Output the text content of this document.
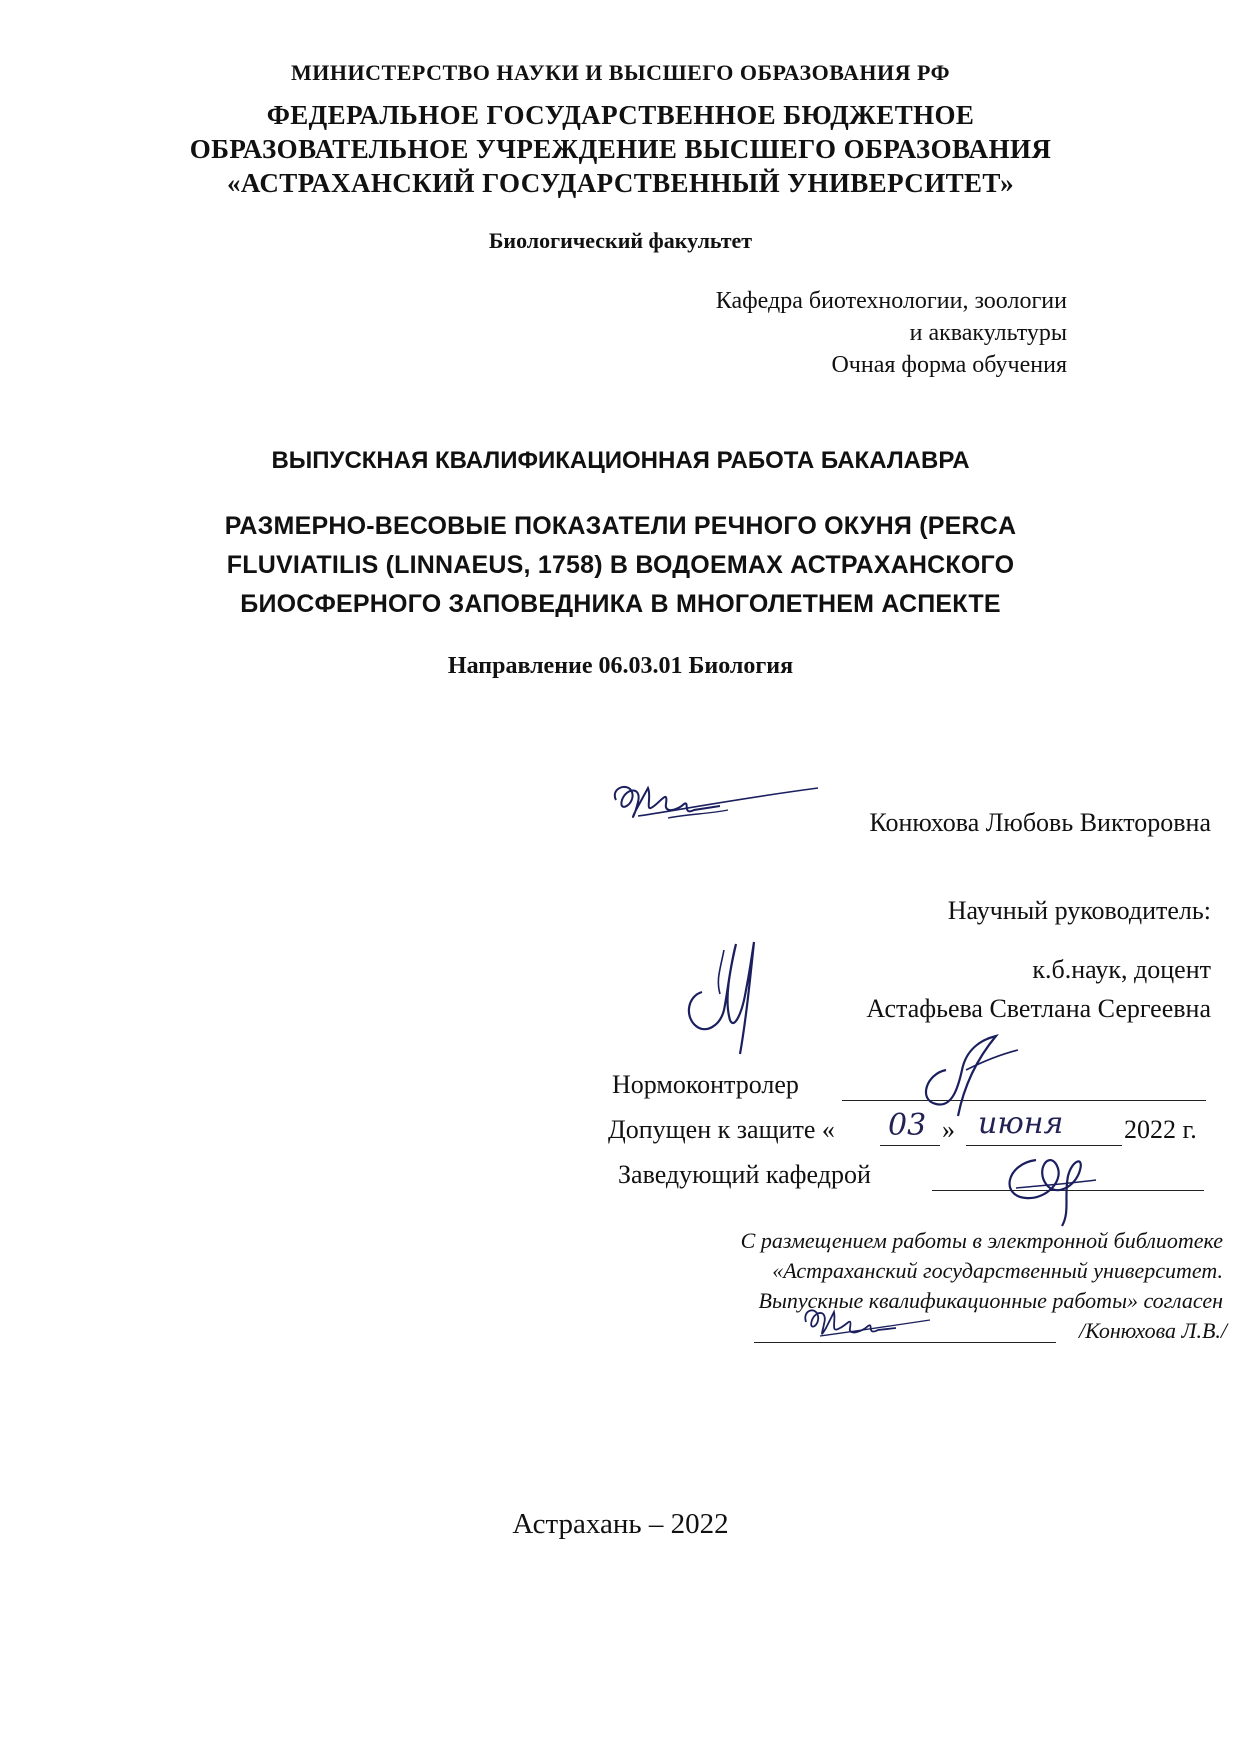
МИНИСТЕРСТВО НАУКИ И ВЫСШЕГО ОБРАЗОВАНИЯ РФ
ФЕДЕРАЛЬНОЕ ГОСУДАРСТВЕННОЕ БЮДЖЕТНОЕ
ОБРАЗОВАТЕЛЬНОЕ УЧРЕЖДЕНИЕ ВЫСШЕГО ОБРАЗОВАНИЯ
«АСТРАХАНСКИЙ ГОСУДАРСТВЕННЫЙ УНИВЕРСИТЕТ»
Биологический факультет
Кафедра биотехнологии, зоологии
и аквакультуры
Очная форма обучения
ВЫПУСКНАЯ КВАЛИФИКАЦИОННАЯ РАБОТА БАКАЛАВРА
РАЗМЕРНО-ВЕСОВЫЕ ПОКАЗАТЕЛИ РЕЧНОГО ОКУНЯ (PERCA
FLUVIATILIS (LINNAEUS, 1758) В ВОДОЕМАХ АСТРАХАНСКОГО
БИОСФЕРНОГО ЗАПОВЕДНИКА В МНОГОЛЕТНЕМ АСПЕКТЕ
Направление 06.03.01 Биология
Конюхова Любовь Викторовна
Научный руководитель:
к.б.наук, доцент
Астафьева Светлана Сергеевна
Нормоконтролер
Допущен к защите « 03 » июня 2022 г.
Заведующий кафедрой
С размещением работы в электронной библиотеке
«Астраханский государственный университет.
Выпускные квалификационные работы» согласен
/Конюхова Л.В./
Астрахань – 2022
